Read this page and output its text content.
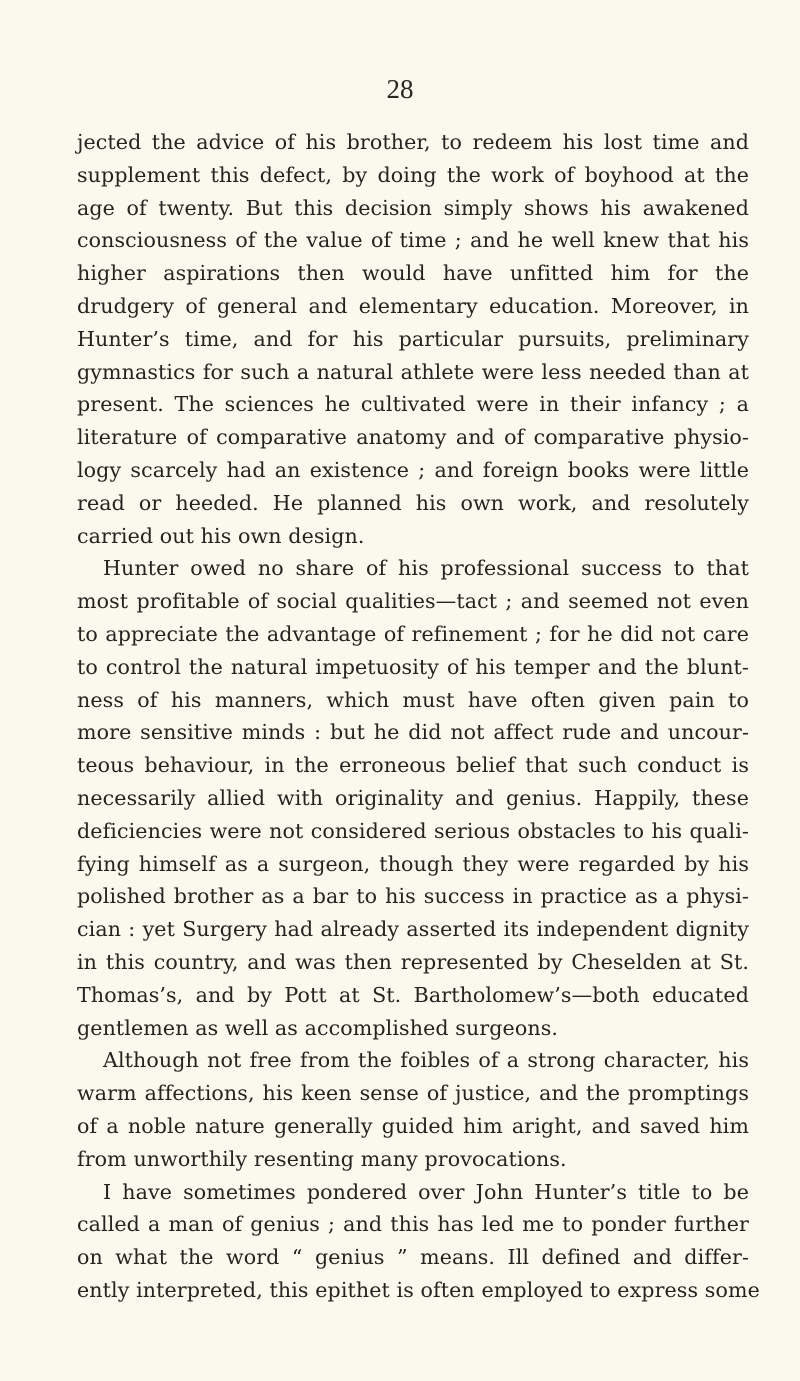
28
jected the advice of his brother, to redeem his lost time and
supplement this defect, by doing the work of boyhood at the
age of twenty. But this decision simply shows his awakened
consciousness of the value of time ; and he well knew that his
higher aspirations then would have unfitted him for the
drudgery of general and elementary education. Moreover, in
Hunter’s time, and for his particular pursuits, preliminary
gymnastics for such a natural athlete were less needed than at
present. The sciences he cultivated were in their infancy ; a
literature of comparative anatomy and of comparative physio-
logy scarcely had an existence ; and foreign books were little
read or heeded. He planned his own work, and resolutely
carried out his own design.
Hunter owed no share of his professional success to that
most profitable of social qualities—tact ; and seemed not even
to appreciate the advantage of refinement ; for he did not care
to control the natural impetuosity of his temper and the blunt-
ness of his manners, which must have often given pain to
more sensitive minds : but he did not affect rude and uncour-
teous behaviour, in the erroneous belief that such conduct is
necessarily allied with originality and genius. Happily, these
deficiencies were not considered serious obstacles to his quali-
fying himself as a surgeon, though they were regarded by his
polished brother as a bar to his success in practice as a physi-
cian : yet Surgery had already asserted its independent dignity
in this country, and was then represented by Cheselden at St.
Thomas’s, and by Pott at St. Bartholomew’s—both educated
gentlemen as well as accomplished surgeons.
Although not free from the foibles of a strong character, his
warm affections, his keen sense of justice, and the promptings
of a noble nature generally guided him aright, and saved him
from unworthily resenting many provocations.
I have sometimes pondered over John Hunter’s title to be
called a man of genius ; and this has led me to ponder further
on what the word “ genius ” means. Ill defined and differ-
ently interpreted, this epithet is often employed to express some
